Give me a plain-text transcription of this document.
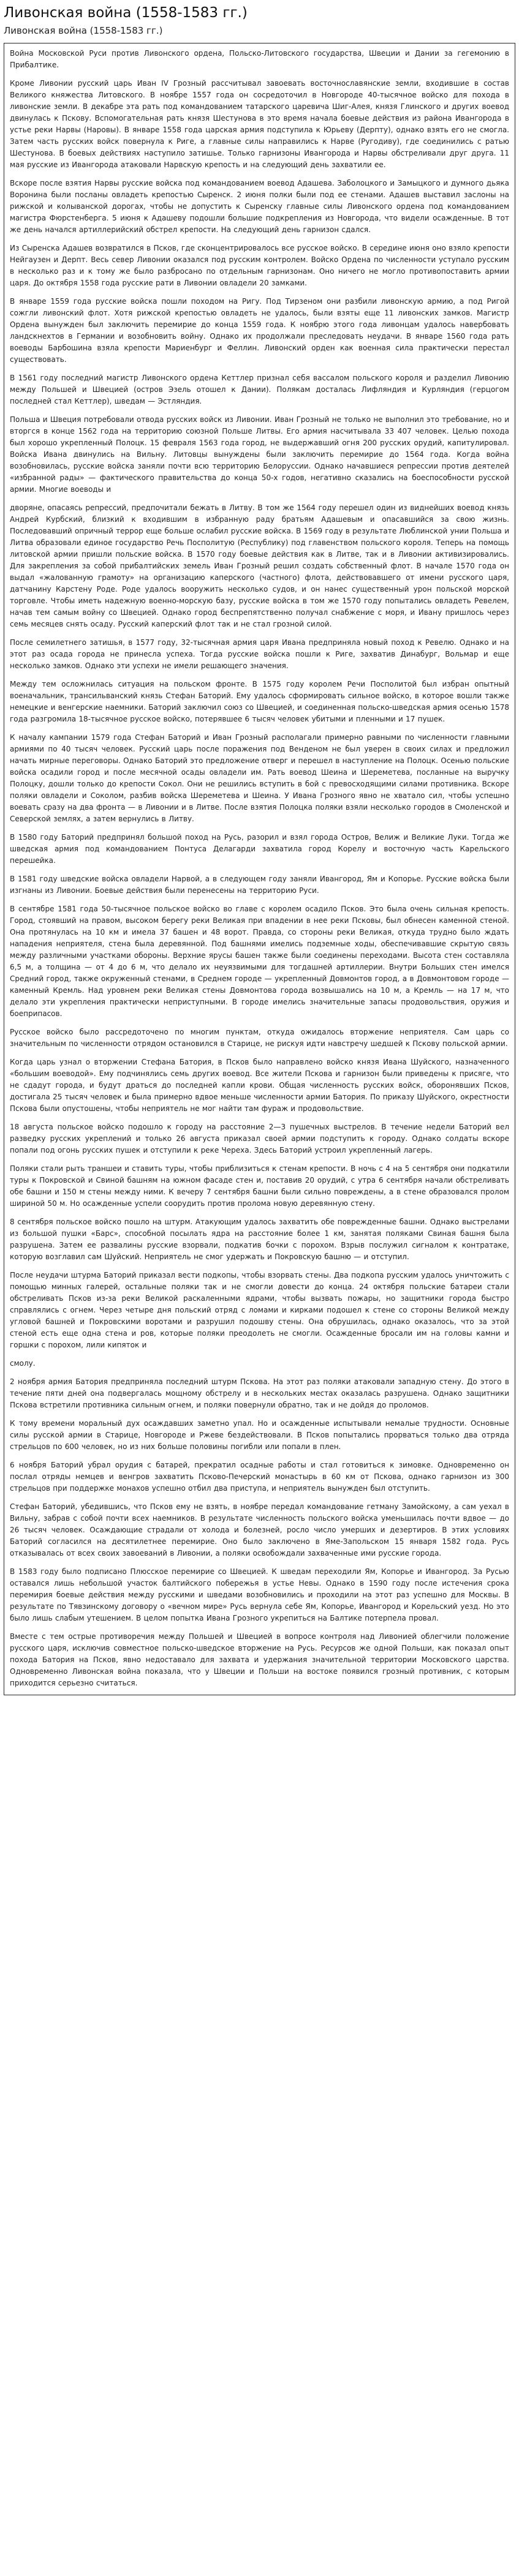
Ливонская война (1558-1583 гг.)
Ливонская война (1558-1583 гг.)

Война Московской Руси против Ливонского ордена, Польско-Литовского государства, Швеции и Дании за гегемонию в Прибалтике.

Кроме Ливонии русский царь Иван IV Грозный рассчитывал завоевать восточнославянские земли, входившие в состав Великого княжества Литовского. В ноябре 1557 года он сосредоточил в Новгороде 40-тысячное войско для похода в ливонские земли. В декабре эта рать под командованием татарского царевича Шиг-Алея, князя Глинского и других воевод двинулась к Пскову. Вспомогательная рать князя Шестунова в это время начала боевые действия из района Ивангорода в устье реки Нарвы (Наровы). В январе 1558 года царская армия подступила к Юрьеву (Дерпту), однако взять его не смогла. Затем часть русских войск повернула к Риге, а главные силы направились к Нарве (Ругодиву), где соединились с ратью Шестунова. В боевых действиях наступило затишье. Только гарнизоны Ивангорода и Нарвы обстреливали друг друга. 11 мая русские из Ивангорода атаковали Нарвскую крепость и на следующий день захватили ее.

Вскоре после взятия Нарвы русские войска под командованием воевод Адашева. Заболоцкого и Замыцкого и думного дьяка Воронина были посланы овладеть крепостью Сыренск. 2 июня полки были под ее стенами. Адашев выставил заслоны на рижской и колыванской дорогах, чтобы не допустить к Сыренску главные силы Ливонского ордена под командованием магистра Фюрстенберга. 5 июня к Адашеву подошли большие подкрепления из Новгорода, что видели осажденные. В тот же день начался артиллерийский обстрел крепости. На следующий день гарнизон сдался.

Из Сыренска Адашев возвратился в Псков, где сконцентрировалось все русское войско. В середине июня оно взяло крепости Нейгаузен и Дерпт. Весь север Ливонии оказался под русским контролем. Войско Ордена по численности уступало русским в несколько раз и к тому же было разбросано по отдельным гарнизонам. Оно ничего не могло противопоставить армии царя. До октября 1558 года русские рати в Ливонии овладели 20 замками.

В январе 1559 года русские войска пошли походом на Ригу. Под Тирзеном они разбили ливонскую армию, а под Ригой сожгли ливонский флот. Хотя рижской крепостью овладеть не удалось, были взяты еще 11 ливонских замков. Магистр Ордена вынужден был заключить перемирие до конца 1559 года. К ноябрю этого года ливонцам удалось навербовать ландскнехтов в Германии и возобновить войну. Однако их продолжали преследовать неудачи. В январе 1560 года рать воеводы Барбошина взяла крепости Мариенбург и Феллин. Ливонский орден как военная сила практически перестал существовать.

В 1561 году последний магистр Ливонского ордена Кеттлер признал себя вассалом польского короля и разделил Ливонию между Польшей и Швецией (остров Эзель отошел к Дании). Полякам досталась Лифляндия и Курляндия (герцогом последней стал Кеттлер), шведам — Эстляндия.

Польша и Швеция потребовали отвода русских войск из Ливонии. Иван Грозный не только не выполнил это требование, но и вторгся в конце 1562 года на территорию союзной Польше Литвы. Его армия насчитывала 33 407 человек. Целью похода был хорошо укрепленный Полоцк. 15 февраля 1563 года город, не выдержавший огня 200 русских орудий, капитулировал. Войска Ивана двинулись на Вильну. Литовцы вынуждены были заключить перемирие до 1564 года. Когда война возобновилась, русские войска заняли почти всю территорию Белоруссии. Однако начавшиеся репрессии против деятелей «избранной рады» — фактического правительства до конца 50-х годов, негативно сказались на боеспособности русской армии. Многие воеводы и

дворяне, опасаясь репрессий, предпочитали бежать в Литву. В том же 1564 году перешел один из виднейших воевод князь Андрей Курбский, близкий к входившим в избранную раду братьям Адашевым и опасавшийся за свою жизнь. Последовавший опричный террор еще больше ослабил русские войска. В 1569 году в результате Люблинской унии Польша и Литва образовали единое государство Речь Посполитую (Республику) под главенством польского короля. Теперь на помощь литовской армии пришли польские войска. В 1570 году боевые действия как в Литве, так и в Ливонии активизировались. Для закрепления за собой прибалтийских земель Иван Грозный решил создать собственный флот. В начале 1570 года он выдал «жалованную грамоту» на организацию каперского (частного) флота, действовавшего от имени русского царя, датчанину Карстену Роде. Роде удалось вооружить несколько судов, и он нанес существенный урон польской морской торговле. Чтобы иметь надежную военно-морскую базу, русские войска в том же 1570 году попытались овладеть Ревелем, начав тем самым войну со Швецией. Однако город беспрепятственно получал снабжение с моря, и Ивану пришлось через семь месяцев снять осаду. Русский каперский флот так и не стал грозной силой.

После семилетнего затишья, в 1577 году, 32-тысячная армия царя Ивана предприняла новый поход к Ревелю. Однако и на этот раз осада города не принесла успеха. Тогда русские войска пошли к Риге, захватив Динабург, Вольмар и еще несколько замков. Однако эти успехи не имели решающего значения.

Между тем осложнилась ситуация на польском фронте. В 1575 году королем Речи Посполитой был избран опытный военачальник, трансильванский князь Стефан Баторий. Ему удалось сформировать сильное войско, в которое вошли также немецкие и венгерские наемники. Баторий заключил союз со Швецией, и соединенная польско-шведская армия осенью 1578 года разгромила 18-тысячное русское войско, потерявшее 6 тысяч человек убитыми и пленными и 17 пушек.

К началу кампании 1579 года Стефан Баторий и Иван Грозный располагали примерно равными по численности главными армиями по 40 тысяч человек. Русский царь после поражения под Венденом не был уверен в своих силах и предложил начать мирные переговоры. Однако Баторий это предложение отверг и перешел в наступление на Полоцк. Осенью польские войска осадили город и после месячной осады овладели им. Рать воевод Шеина и Шереметева, посланные на выручку Полоцку, дошли только до крепости Сокол. Они не решились вступить в бой с превосходящими силами противника. Вскоре поляки овладели и Соколом, разбив войска Шереметева и Шеина. У Ивана Грозного явно не хватало сил, чтобы успешно воевать сразу на два фронта — в Ливонии и в Литве. После взятия Полоцка поляки взяли несколько городов в Смоленской и Северской землях, а затем вернулись в Литву.

В 1580 году Баторий предпринял большой поход на Русь, разорил и взял города Остров, Велиж и Великие Луки. Тогда же шведская армия под командованием Понтуса Делагарди захватила город Корелу и восточную часть Карельского перешейка.

В 1581 году шведские войска овладели Нарвой, а в следующем году заняли Ивангород, Ям и Копорье. Русские войска были изгнаны из Ливонии. Боевые действия были перенесены на территорию Руси.

В сентябре 1581 года 50-тысячное польское войско во главе с королем осадило Псков. Это была очень сильная крепость. Город, стоявший на правом, высоком берегу реки Великая при впадении в нее реки Псковы, был обнесен каменной стеной. Она протянулась на 10 км и имела 37 башен и 48 ворот. Правда, со стороны реки Великая, откуда трудно было ждать нападения неприятеля, стена была деревянной. Под башнями имелись подземные ходы, обеспечивавшие скрытую связь между различными участками обороны. Верхние ярусы башен также были соединены переходами. Высота стен составляла 6,5 м, а толщина — от 4 до 6 м, что делало их неуязвимыми для тогдашней артиллерии. Внутри Больших стен имелся Средний город, также окруженный стенами, в Среднем городе — укрепленный Довмонтов город, а в Довмонтовом городе — каменный Кремль. Над уровнем реки Великая стены Довмонтова города возвышались на 10 м, а Кремль — на 17 м, что делало эти укрепления практически неприступными. В городе имелись значительные запасы продовольствия, оружия и боеприпасов.

Русское войско было рассредоточено по многим пунктам, откуда ожидалось вторжение неприятеля. Сам царь со значительным по численности отрядом остановился в Старице, не рискуя идти навстречу шедшей к Пскову польской армии.

Когда царь узнал о вторжении Стефана Батория, в Псков было направлено войско князя Ивана Шуйского, назначенного «большим воеводой». Ему подчинялись семь других воевод. Все жители Пскова и гарнизон были приведены к присяге, что не сдадут города, и будут драться до последней капли крови. Общая численность русских войск, оборонявших Псков, достигала 25 тысяч человек и была примерно вдвое меньше численности армии Батория. По приказу Шуйского, окрестности Пскова были опустошены, чтобы неприятель не мог найти там фураж и продовольствие.

18 августа польское войско подошло к городу на расстояние 2—3 пушечных выстрелов. В течение недели Баторий вел разведку русских укреплений и только 26 августа приказал своей армии подступить к городу. Однако солдаты вскоре попали под огонь русских пушек и отступили к реке Череха. Здесь Баторий устроил укрепленный лагерь.

Поляки стали рыть траншеи и ставить туры, чтобы приблизиться к стенам крепости. В ночь с 4 на 5 сентября они подкатили туры к Покровской и Свиной башням на южном фасаде стен и, поставив 20 орудий, с утра 6 сентября начали обстреливать обе башни и 150 м стены между ними. К вечеру 7 сентября башни были сильно повреждены, а в стене образовался пролом шириной 50 м. Но осажденные успели соорудить против пролома новую деревянную стену.

8 сентября польское войско пошло на штурм. Атакующим удалось захватить обе поврежденные башни. Однако выстрелами из большой пушки «Барс», способной посылать ядра на расстояние более 1 км, занятая поляками Свиная башня была разрушена. Затем ее развалины русские взорвали, подкатив бочки с порохом. Взрыв послужил сигналом к контратаке, которую возглавил сам Шуйский. Неприятель не смог удержать и Покровскую башню — и отступил.

После неудачи штурма Баторий приказал вести подкопы, чтобы взорвать стены. Два подкопа русским удалось уничтожить с помощью минных галерей, остальные поляки так и не смогли довести до конца. 24 октября польские батареи стали обстреливать Псков из-за реки Великой раскаленными ядрами, чтобы вызвать пожары, но защитники города быстро справлялись с огнем. Через четыре дня польский отряд с ломами и кирками подошел к стене со стороны Великой между угловой башней и Покровскими воротами и разрушил подошву стены. Она обрушилась, однако оказалось, что за этой стеной есть еще одна стена и ров, которые поляки преодолеть не смогли. Осажденные бросали им на головы камни и горшки с порохом, лили кипяток и

смолу.

2 ноября армия Батория предприняла последний штурм Пскова. На этот раз поляки атаковали западную стену. До этого в течение пяти дней она подвергалась мощному обстрелу и в нескольких местах оказалась разрушена. Однако защитники Пскова встретили противника сильным огнем, и поляки повернули обратно, так и не дойдя до проломов.

К тому времени моральный дух осаждавших заметно упал. Но и осажденные испытывали немалые трудности. Основные силы русской армии в Старице, Новгороде и Ржеве бездействовали. В Псков попытались прорваться только два отряда стрельцов по 600 человек, но из них больше половины погибли или попали в плен.

6 ноября Баторий убрал орудия с батарей, прекратил осадные работы и стал готовиться к зимовке. Одновременно он послал отряды немцев и венгров захватить Псково-Печерский монастырь в 60 км от Пскова, однако гарнизон из 300 стрельцов при поддержке монахов успешно отбил два приступа, и неприятель вынужден был отступить.

Стефан Баторий, убедившись, что Псков ему не взять, в ноябре передал командование гетману Замойскому, а сам уехал в Вильну, забрав с собой почти всех наемников. В результате численность польского войска уменьшилась почти вдвое — до 26 тысяч человек. Осаждающие страдали от холода и болезней, росло число умерших и дезертиров. В этих условиях Баторий согласился на десятилетнее перемирие. Оно было заключено в Яме-Запольском 15 января 1582 года. Русь отказывалась от всех своих завоеваний в Ливонии, а поляки освобождали захваченные ими русские города.

В 1583 году было подписано Плюсское перемирие со Швецией. К шведам переходили Ям, Копорье и Ивангород. За Русью оставался лишь небольшой участок балтийского побережья в устье Невы. Однако в 1590 году после истечения срока перемирия боевые действия между русскими и шведами возобновились и проходили на этот раз успешно для Москвы. В результате по Тявзинскому договору о «вечном мире» Русь вернула себе Ям, Копорье, Ивангород и Корельский уезд. Но это было лишь слабым утешением. В целом попытка Ивана Грозного укрепиться на Балтике потерпела провал.

Вместе с тем острые противоречия между Польшей и Швецией в вопросе контроля над Ливонией облегчили положение русского царя, исключив совместное польско-шведское вторжение на Русь. Ресурсов же одной Польши, как показал опыт похода Батория на Псков, явно недоставало для захвата и удержания значительной территории Московского царства. Одновременно Ливонская война показала, что у Швеции и Польши на востоке появился грозный противник, с которым приходится серьезно считаться.
